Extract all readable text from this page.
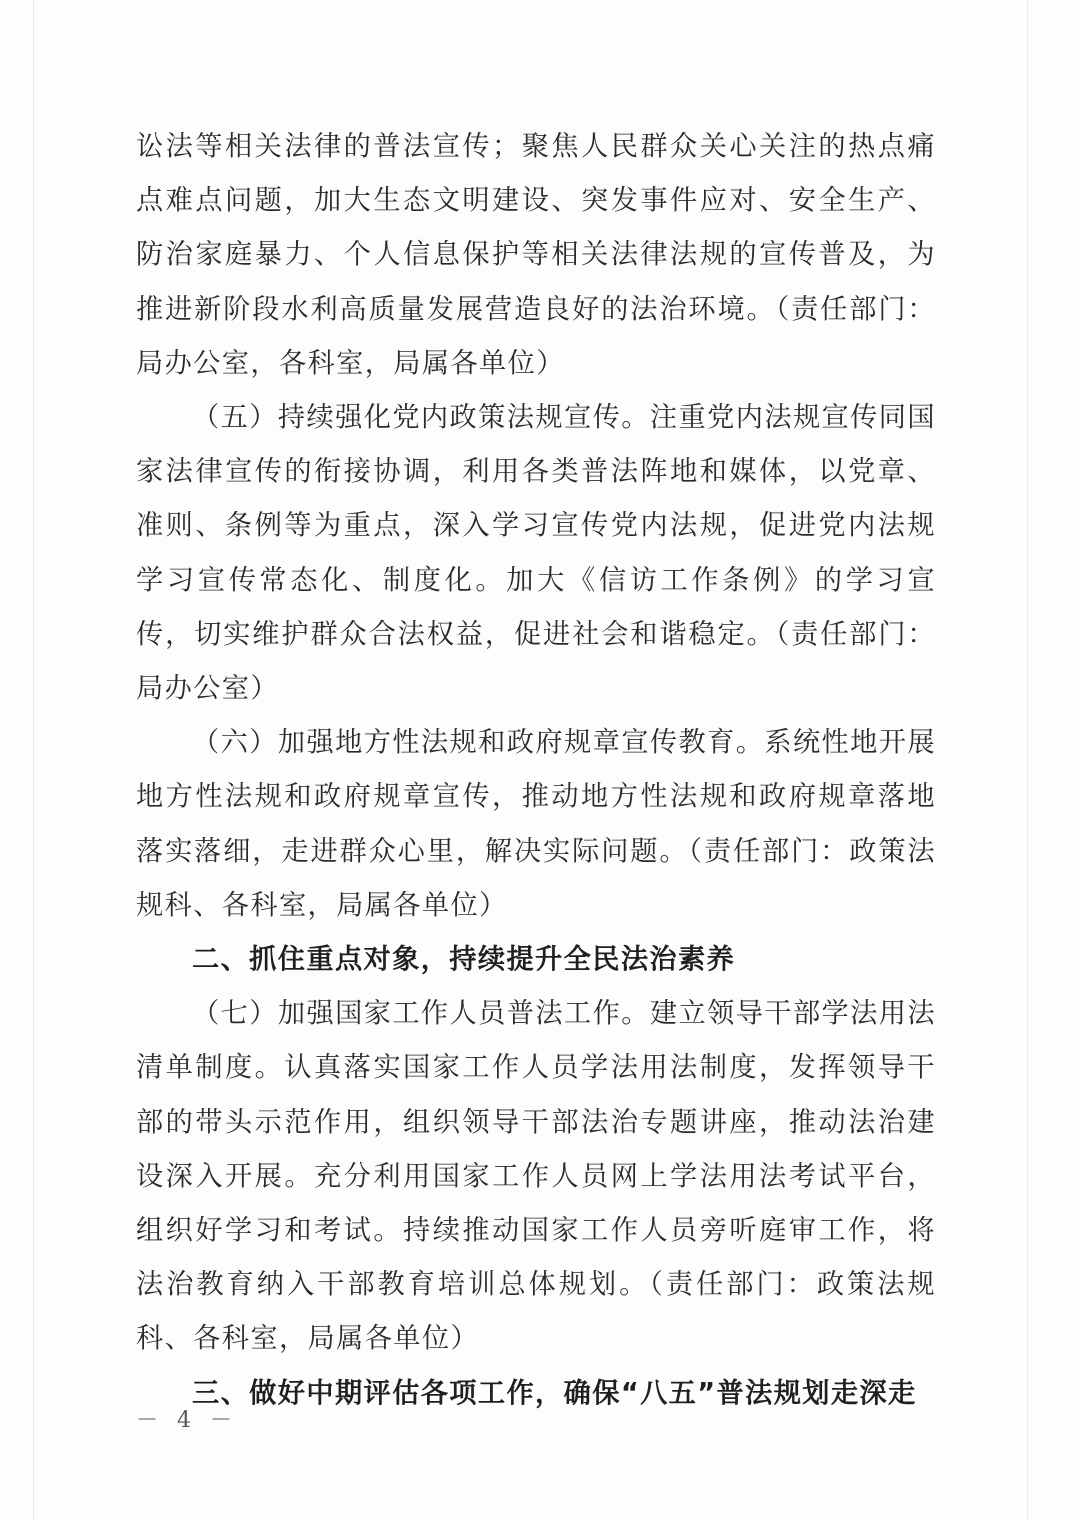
讼法等相关法律的普法宣传；聚焦人民群众关心关注的热点痛点难点问题，加大生态文明建设、突发事件应对、安全生产、防治家庭暴力、个人信息保护等相关法律法规的宣传普及，为推进新阶段水利高质量发展营造良好的法治环境。（责任部门：局办公室，各科室，局属各单位）

（五）持续强化党内政策法规宣传。注重党内法规宣传同国家法律宣传的衔接协调，利用各类普法阵地和媒体，以党章、准则、条例等为重点，深入学习宣传党内法规，促进党内法规学习宣传常态化、制度化。加大《信访工作条例》的学习宣传，切实维护群众合法权益，促进社会和谐稳定。（责任部门：局办公室）

（六）加强地方性法规和政府规章宣传教育。系统性地开展地方性法规和政府规章宣传，推动地方性法规和政府规章落地落实落细，走进群众心里，解决实际问题。（责任部门：政策法规科、各科室，局属各单位）

二、抓住重点对象，持续提升全民法治素养

（七）加强国家工作人员普法工作。建立领导干部学法用法清单制度。认真落实国家工作人员学法用法制度，发挥领导干部的带头示范作用，组织领导干部法治专题讲座，推动法治建设深入开展。充分利用国家工作人员网上学法用法考试平台，组织好学习和考试。持续推动国家工作人员旁听庭审工作，将法治教育纳入干部教育培训总体规划。（责任部门：政策法规科、各科室，局属各单位）

三、做好中期评估各项工作，确保“八五”普法规划走深走

－ 4 －
